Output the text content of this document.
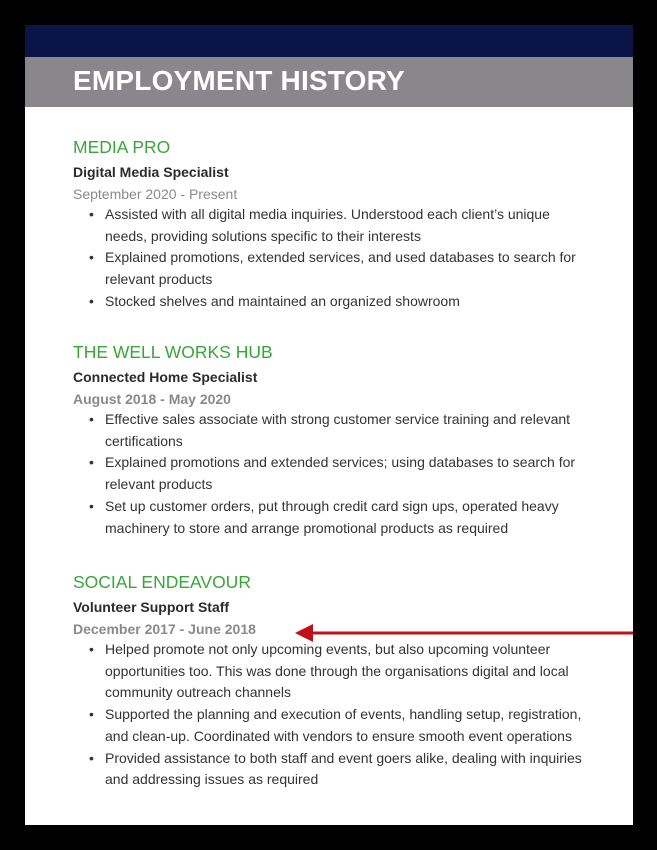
EMPLOYMENT HISTORY

MEDIA PRO

Digital Media Specialist

September 2020 - Present

• Assisted with all digital media inquiries. Understood each client’s unique needs, providing solutions specific to their interests
• Explained promotions, extended services, and used databases to search for relevant products
• Stocked shelves and maintained an organized showroom

THE WELL WORKS HUB

Connected Home Specialist

August 2018 - May 2020

• Effective sales associate with strong customer service training and relevant certifications
• Explained promotions and extended services; using databases to search for relevant products
• Set up customer orders, put through credit card sign ups, operated heavy machinery to store and arrange promotional products as required

SOCIAL ENDEAVOUR

Volunteer Support Staff

December 2017 - June 2018

• Helped promote not only upcoming events, but also upcoming volunteer opportunities too. This was done through the organisations digital and local community outreach channels
• Supported the planning and execution of events, handling setup, registration, and clean-up. Coordinated with vendors to ensure smooth event operations
• Provided assistance to both staff and event goers alike, dealing with inquiries and addressing issues as required
